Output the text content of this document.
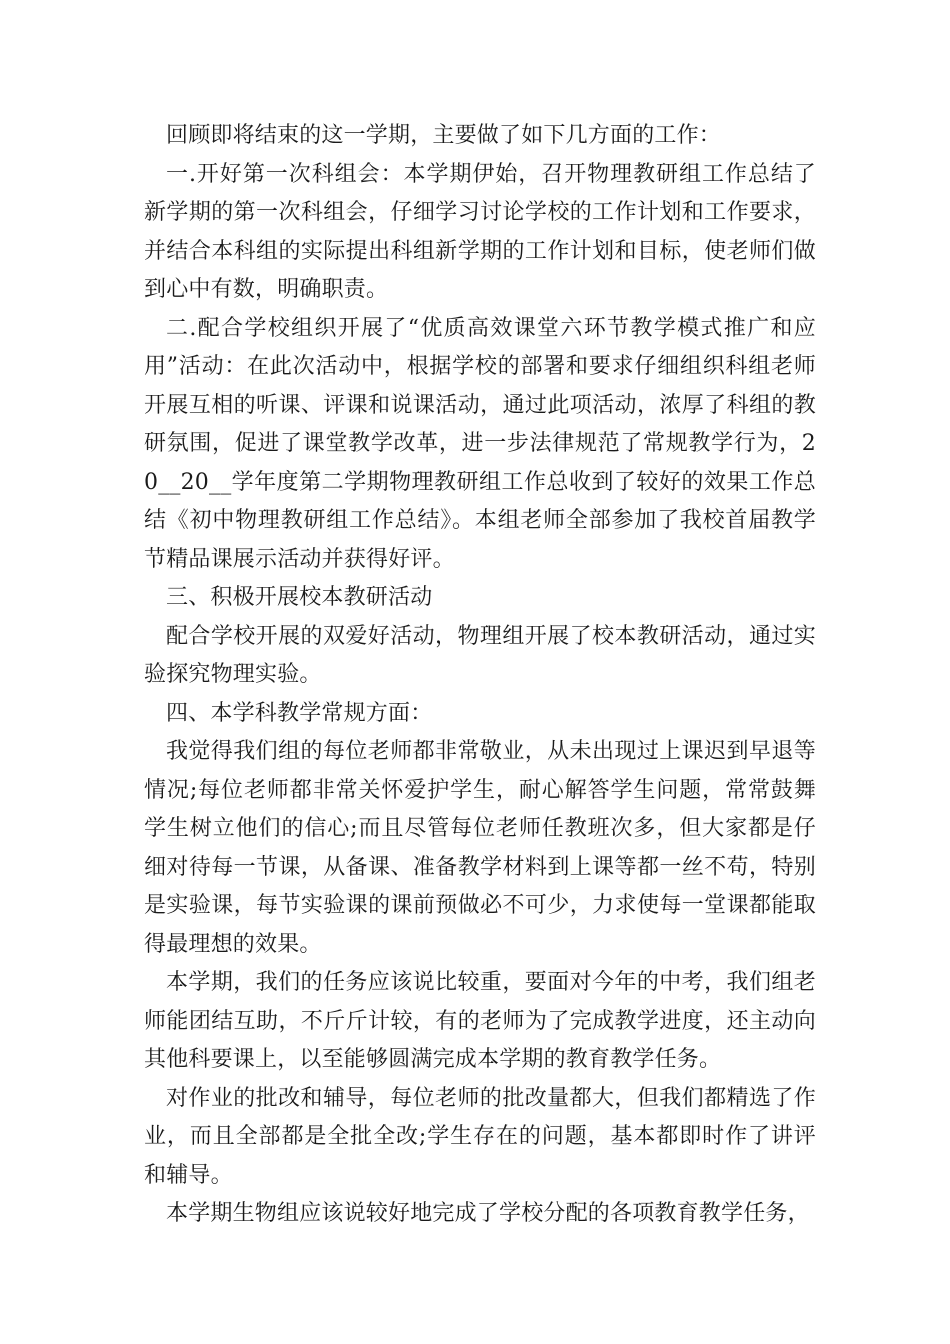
回顾即将结束的这一学期，主要做了如下几方面的工作：

一.开好第一次科组会：本学期伊始，召开物理教研组工作总结了新学期的第一次科组会，仔细学习讨论学校的工作计划和工作要求，并结合本科组的实际提出科组新学期的工作计划和目标，使老师们做到心中有数，明确职责。

二.配合学校组织开展了“优质高效课堂六环节教学模式推广和应用”活动：在此次活动中，根据学校的部署和要求仔细组织科组老师开展互相的听课、评课和说课活动，通过此项活动，浓厚了科组的教研氛围，促进了课堂教学改革，进一步法律规范了常规教学行为，20__20__学年度第二学期物理教研组工作总收到了较好的效果工作总结《初中物理教研组工作总结》。本组老师全部参加了我校首届教学节精品课展示活动并获得好评。

三、积极开展校本教研活动

配合学校开展的双爱好活动，物理组开展了校本教研活动，通过实验探究物理实验。

四、本学科教学常规方面：

我觉得我们组的每位老师都非常敬业，从未出现过上课迟到早退等情况;每位老师都非常关怀爱护学生，耐心解答学生问题，常常鼓舞学生树立他们的信心;而且尽管每位老师任教班次多，但大家都是仔细对待每一节课，从备课、准备教学材料到上课等都一丝不苟，特别是实验课，每节实验课的课前预做必不可少，力求使每一堂课都能取得最理想的效果。

本学期，我们的任务应该说比较重，要面对今年的中考，我们组老师能团结互助，不斤斤计较，有的老师为了完成教学进度，还主动向其他科要课上，以至能够圆满完成本学期的教育教学任务。

对作业的批改和辅导，每位老师的批改量都大，但我们都精选了作业，而且全部都是全批全改;学生存在的问题，基本都即时作了讲评和辅导。

本学期生物组应该说较好地完成了学校分配的各项教育教学任务，
